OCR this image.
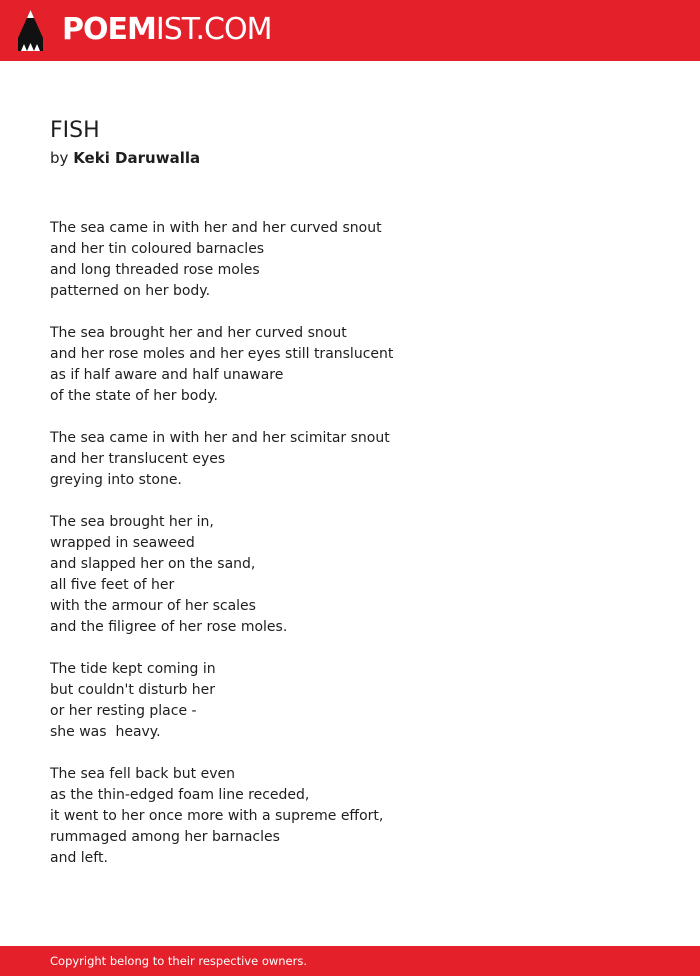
POEMIST.COM
FISH
by Keki Daruwalla
The sea came in with her and her curved snout
and her tin coloured barnacles
and long threaded rose moles
patterned on her body.
The sea brought her and her curved snout
and her rose moles and her eyes still translucent
as if half aware and half unaware
of the state of her body.
The sea came in with her and her scimitar snout
and her translucent eyes
greying into stone.
The sea brought her in,
wrapped in seaweed
and slapped her on the sand,
all five feet of her
with the armour of her scales
and the filigree of her rose moles.
The tide kept coming in
but couldn't disturb her
or her resting place -
she was  heavy.
The sea fell back but even
as the thin-edged foam line receded,
it went to her once more with a supreme effort,
rummaged among her barnacles
and left.
Copyright belong to their respective owners.
